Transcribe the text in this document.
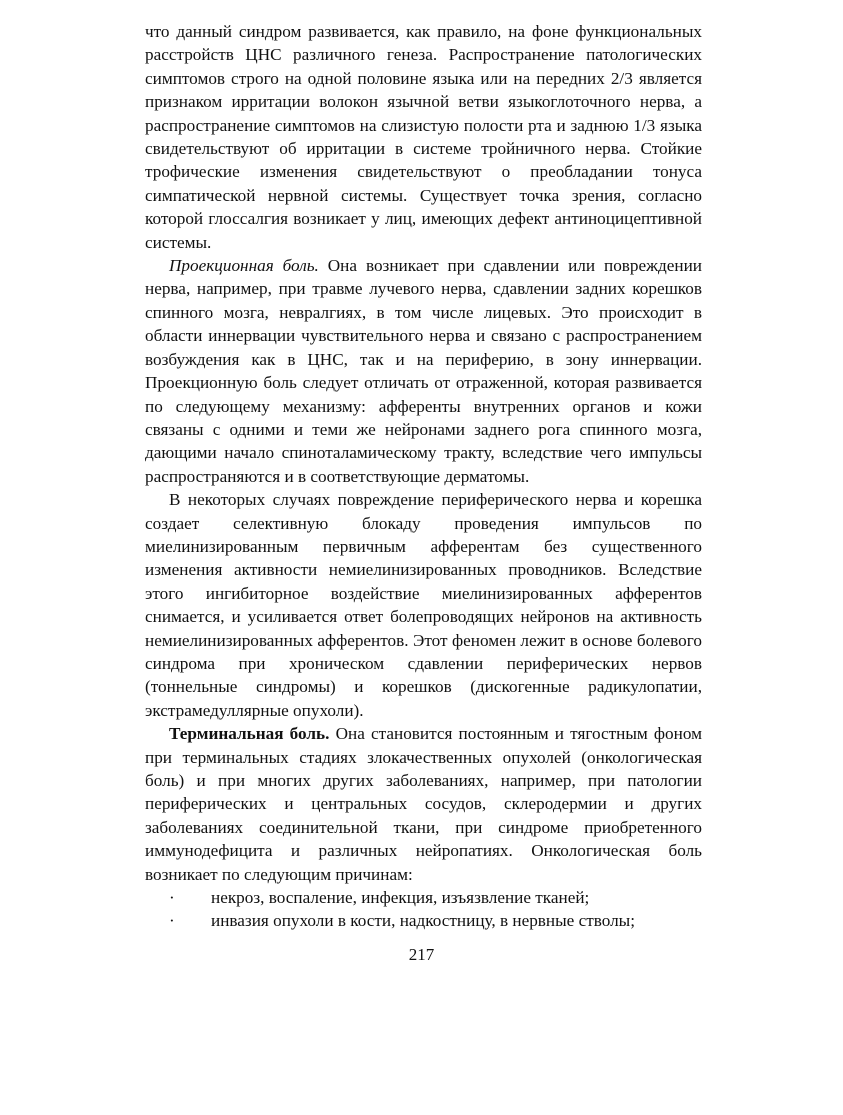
что данный синдром развивается, как правило, на фоне функциональных расстройств ЦНС различного генеза. Распространение патологических симптомов строго на одной половине языка или на передних 2/3 является признаком ирритации волокон язычной ветви языкоглоточного нерва, а распространение симптомов на слизистую полости рта и заднюю 1/3 языка свидетельствуют об ирритации в системе тройничного нерва. Стойкие трофические изменения свидетельствуют о преобладании тонуса симпатической нервной системы. Существует точка зрения, согласно которой глоссалгия возникает у лиц, имеющих дефект антиноцицептивной системы.

Проекционная боль. Она возникает при сдавлении или повреждении нерва, например, при травме лучевого нерва, сдавлении задних корешков спинного мозга, невралгиях, в том числе лицевых. Это происходит в области иннервации чувствительного нерва и связано с распространением возбуждения как в ЦНС, так и на периферию, в зону иннервации. Проекционную боль следует отличать от отраженной, которая развивается по следующему механизму: афференты внутренних органов и кожи связаны с одними и теми же нейронами заднего рога спинного мозга, дающими начало спиноталамическому тракту, вследствие чего импульсы распространяются и в соответствующие дерматомы.

В некоторых случаях повреждение периферического нерва и корешка создает селективную блокаду проведения импульсов по миелинизированным первичным афферентам без существенного изменения активности немиелинизированных проводников. Вследствие этого ингибиторное воздействие миелинизированных афферентов снимается, и усиливается ответ болепроводящих нейронов на активность немиелинизированных афферентов. Этот феномен лежит в основе болевого синдрома при хроническом сдавлении периферических нервов (тоннельные синдромы) и корешков (дискогенные радикулопатии, экстрамедуллярные опухоли).

Терминальная боль. Она становится постоянным и тягостным фоном при терминальных стадиях злокачественных опухолей (онкологическая боль) и при многих других заболеваниях, например, при патологии периферических и центральных сосудов, склеродермии и других заболеваниях соединительной ткани, при синдроме приобретенного иммунодефицита и различных нейропатиях. Онкологическая боль возникает по следующим причинам:

·	некроз, воспаление, инфекция, изъязвление тканей;
·	инвазия опухоли в кости, надкостницу, в нервные стволы;
217
